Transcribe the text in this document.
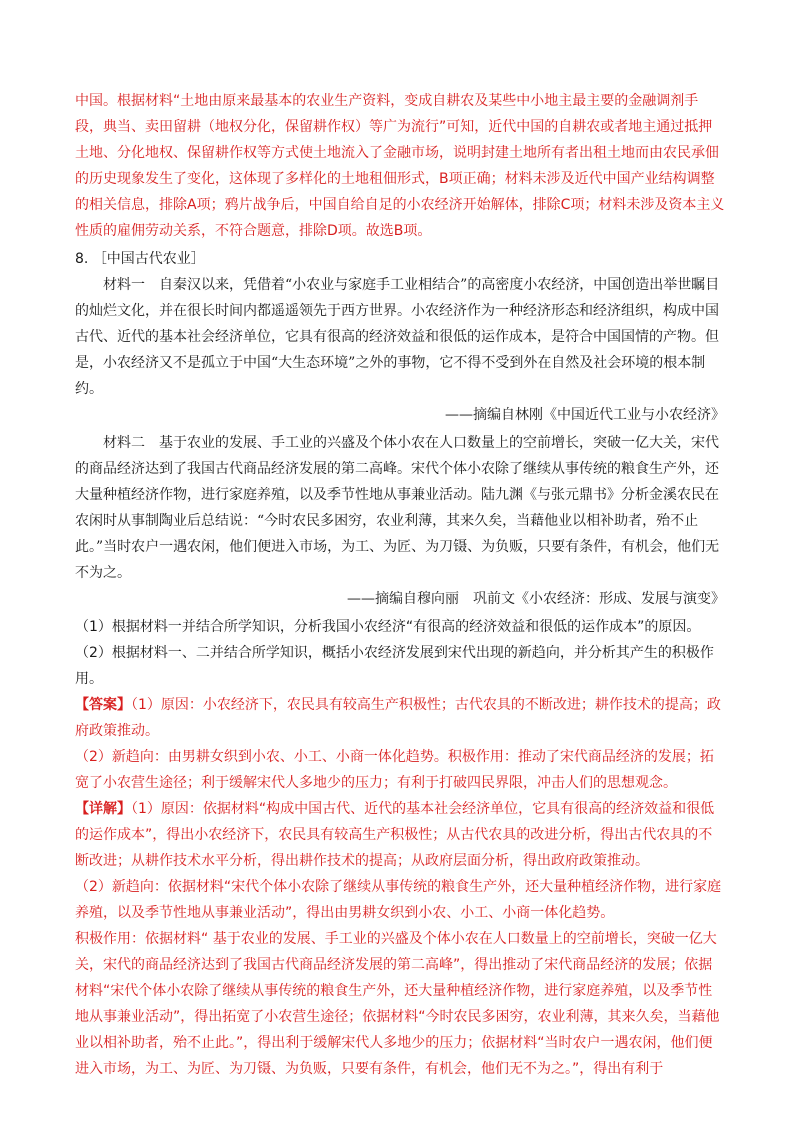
中国。根据材料“土地由原来最基本的农业生产资料，变成自耕农及某些中小地主最主要的金融调剂手段，典当、卖田留耕（地权分化，保留耕作权）等广为流行”可知，近代中国的自耕农或者地主通过抵押土地、分化地权、保留耕作权等方式使土地流入了金融市场，说明封建土地所有者出租土地而由农民承佃的历史现象发生了变化，这体现了多样化的土地租佃形式，B项正确；材料未涉及近代中国产业结构调整的相关信息，排除A项；鸦片战争后，中国自给自足的小农经济开始解体，排除C项；材料未涉及资本主义性质的雇佣劳动关系，不符合题意，排除D项。故选B项。

8. ［中国古代农业］

材料一　自秦汉以来，凭借着“小农业与家庭手工业相结合”的高密度小农经济，中国创造出举世瞩目的灿烂文化，并在很长时间内都遥遥领先于西方世界。小农经济作为一种经济形态和经济组织，构成中国古代、近代的基本社会经济单位，它具有很高的经济效益和很低的运作成本，是符合中国国情的产物。但是，小农经济又不是孤立于中国“大生态环境”之外的事物，它不得不受到外在自然及社会环境的根本制约。

——摘编自林刚《中国近代工业与小农经济》

材料二　基于农业的发展、手工业的兴盛及个体小农在人口数量上的空前增长，突破一亿大关，宋代的商品经济达到了我国古代商品经济发展的第二高峰。宋代个体小农除了继续从事传统的粮食生产外，还大量种植经济作物，进行家庭养殖，以及季节性地从事兼业活动。陆九渊《与张元鼎书》分析金溪农民在农闲时从事制陶业后总结说：“今时农民多困穷，农业利薄，其来久矣，当藉他业以相补助者，殆不止此。”当时农户一遇农闲，他们便进入市场，为工、为匠、为刀镊、为负贩，只要有条件，有机会，他们无不为之。

——摘编自穆向丽　巩前文《小农经济：形成、发展与演变》

（1）根据材料一并结合所学知识，分析我国小农经济“有很高的经济效益和很低的运作成本”的原因。

（2）根据材料一、二并结合所学知识，概括小农经济发展到宋代出现的新趋向，并分析其产生的积极作用。

【答案】（1）原因：小农经济下，农民具有较高生产积极性；古代农具的不断改进；耕作技术的提高；政府政策推动。

（2）新趋向：由男耕女织到小农、小工、小商一体化趋势。积极作用：推动了宋代商品经济的发展；拓宽了小农营生途径；利于缓解宋代人多地少的压力；有利于打破四民界限，冲击人们的思想观念。

【详解】（1）原因：依据材料“构成中国古代、近代的基本社会经济单位，它具有很高的经济效益和很低的运作成本”，得出小农经济下，农民具有较高生产积极性；从古代农具的改进分析，得出古代农具的不断改进；从耕作技术水平分析，得出耕作技术的提高；从政府层面分析，得出政府政策推动。

（2）新趋向：依据材料“宋代个体小农除了继续从事传统的粮食生产外，还大量种植经济作物，进行家庭养殖，以及季节性地从事兼业活动”，得出由男耕女织到小农、小工、小商一体化趋势。

积极作用：依据材料“ 基于农业的发展、手工业的兴盛及个体小农在人口数量上的空前增长，突破一亿大关，宋代的商品经济达到了我国古代商品经济发展的第二高峰”，得出推动了宋代商品经济的发展；依据材料“宋代个体小农除了继续从事传统的粮食生产外，还大量种植经济作物，进行家庭养殖，以及季节性地从事兼业活动”，得出拓宽了小农营生途径；依据材料“今时农民多困穷，农业利薄，其来久矣，当藉他业以相补助者，殆不止此。”，得出利于缓解宋代人多地少的压力；依据材料“当时农户一遇农闲，他们便进入市场，为工、为匠、为刀镊、为负贩，只要有条件，有机会，他们无不为之。”，得出有利于
